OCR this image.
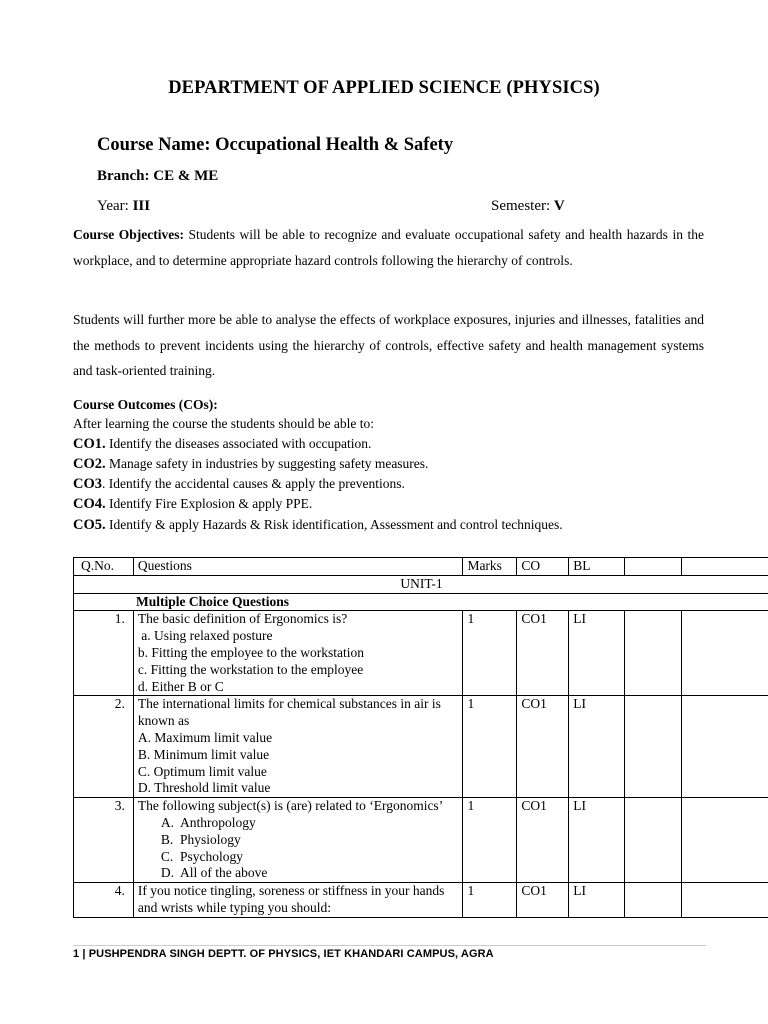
DEPARTMENT OF APPLIED SCIENCE (PHYSICS)
Course Name: Occupational Health & Safety
Branch: CE & ME
Year: III	Semester: V

Course Objectives: Students will be able to recognize and evaluate occupational safety and health hazards in the workplace, and to determine appropriate hazard controls following the hierarchy of controls.

Students will further more be able to analyse the effects of workplace exposures, injuries and illnesses, fatalities and the methods to prevent incidents using the hierarchy of controls, effective safety and health management systems and task-oriented training.

Course Outcomes (COs):
After learning the course the students should be able to:
CO1. Identify the diseases associated with occupation.
CO2. Manage safety in industries by suggesting safety measures.
CO3. Identify the accidental causes & apply the preventions.
CO4. Identify Fire Explosion & apply PPE.
CO5. Identify & apply Hazards & Risk identification, Assessment and control techniques.
Q.No.	Questions	Marks	CO	BL		
UNIT-1						
Multiple Choice Questions						
1.	The basic definition of Ergonomics is?
a. Using relaxed posture
b. Fitting the employee to the workstation
c. Fitting the workstation to the employee
d. Either B or C	1	CO1	LI		
2.	The international limits for chemical substances in air is known as
A. Maximum limit value
B. Minimum limit value
C. Optimum limit value
D. Threshold limit value	1	CO1	LI		
3.	The following subject(s) is (are) related to ‘Ergonomics’
A.  Anthropology
B.  Physiology
C.  Psychology
D.  All of the above	1	CO1	LI		
4.	If you notice tingling, soreness or stiffness in your hands and wrists while typing you should:	1	CO1	LI		
1 | PUSHPENDRA SINGH DEPTT. OF PHYSICS, IET KHANDARI CAMPUS, AGRA
